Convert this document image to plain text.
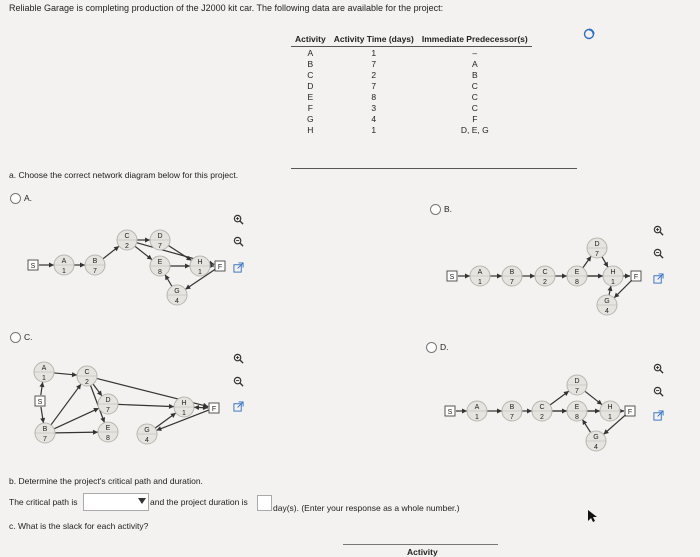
Reliable Garage is completing production of the J2000 kit car. The following data are available for the project:
Activity	Activity Time (days)	Immediate Predecessor(s)
A	1	–
B	7	A
C	2	B
D	7	C
E	8	C
F	3	C
G	4	F
H	1	D, E, G
a. Choose the correct network diagram below for this project.
A.
S	F
A
1
B
7
C
2
D
7
E
8
G
4
H
1
S	F
A
1
B
7
C
2
D
7
E
8
G
4
H
1
S
F
A
1
C
2
B
7
D
7
E
8
G
4
H
1	S	F
A
1
B
7
C
2
D
7
E
8
G
4
H
1
B.
C.
D.
b. Determine the project's critical path and duration.
The critical path is	and the project duration is
day(s). (Enter your response as a whole number.)
c. What is the slack for each activity?
Activity
